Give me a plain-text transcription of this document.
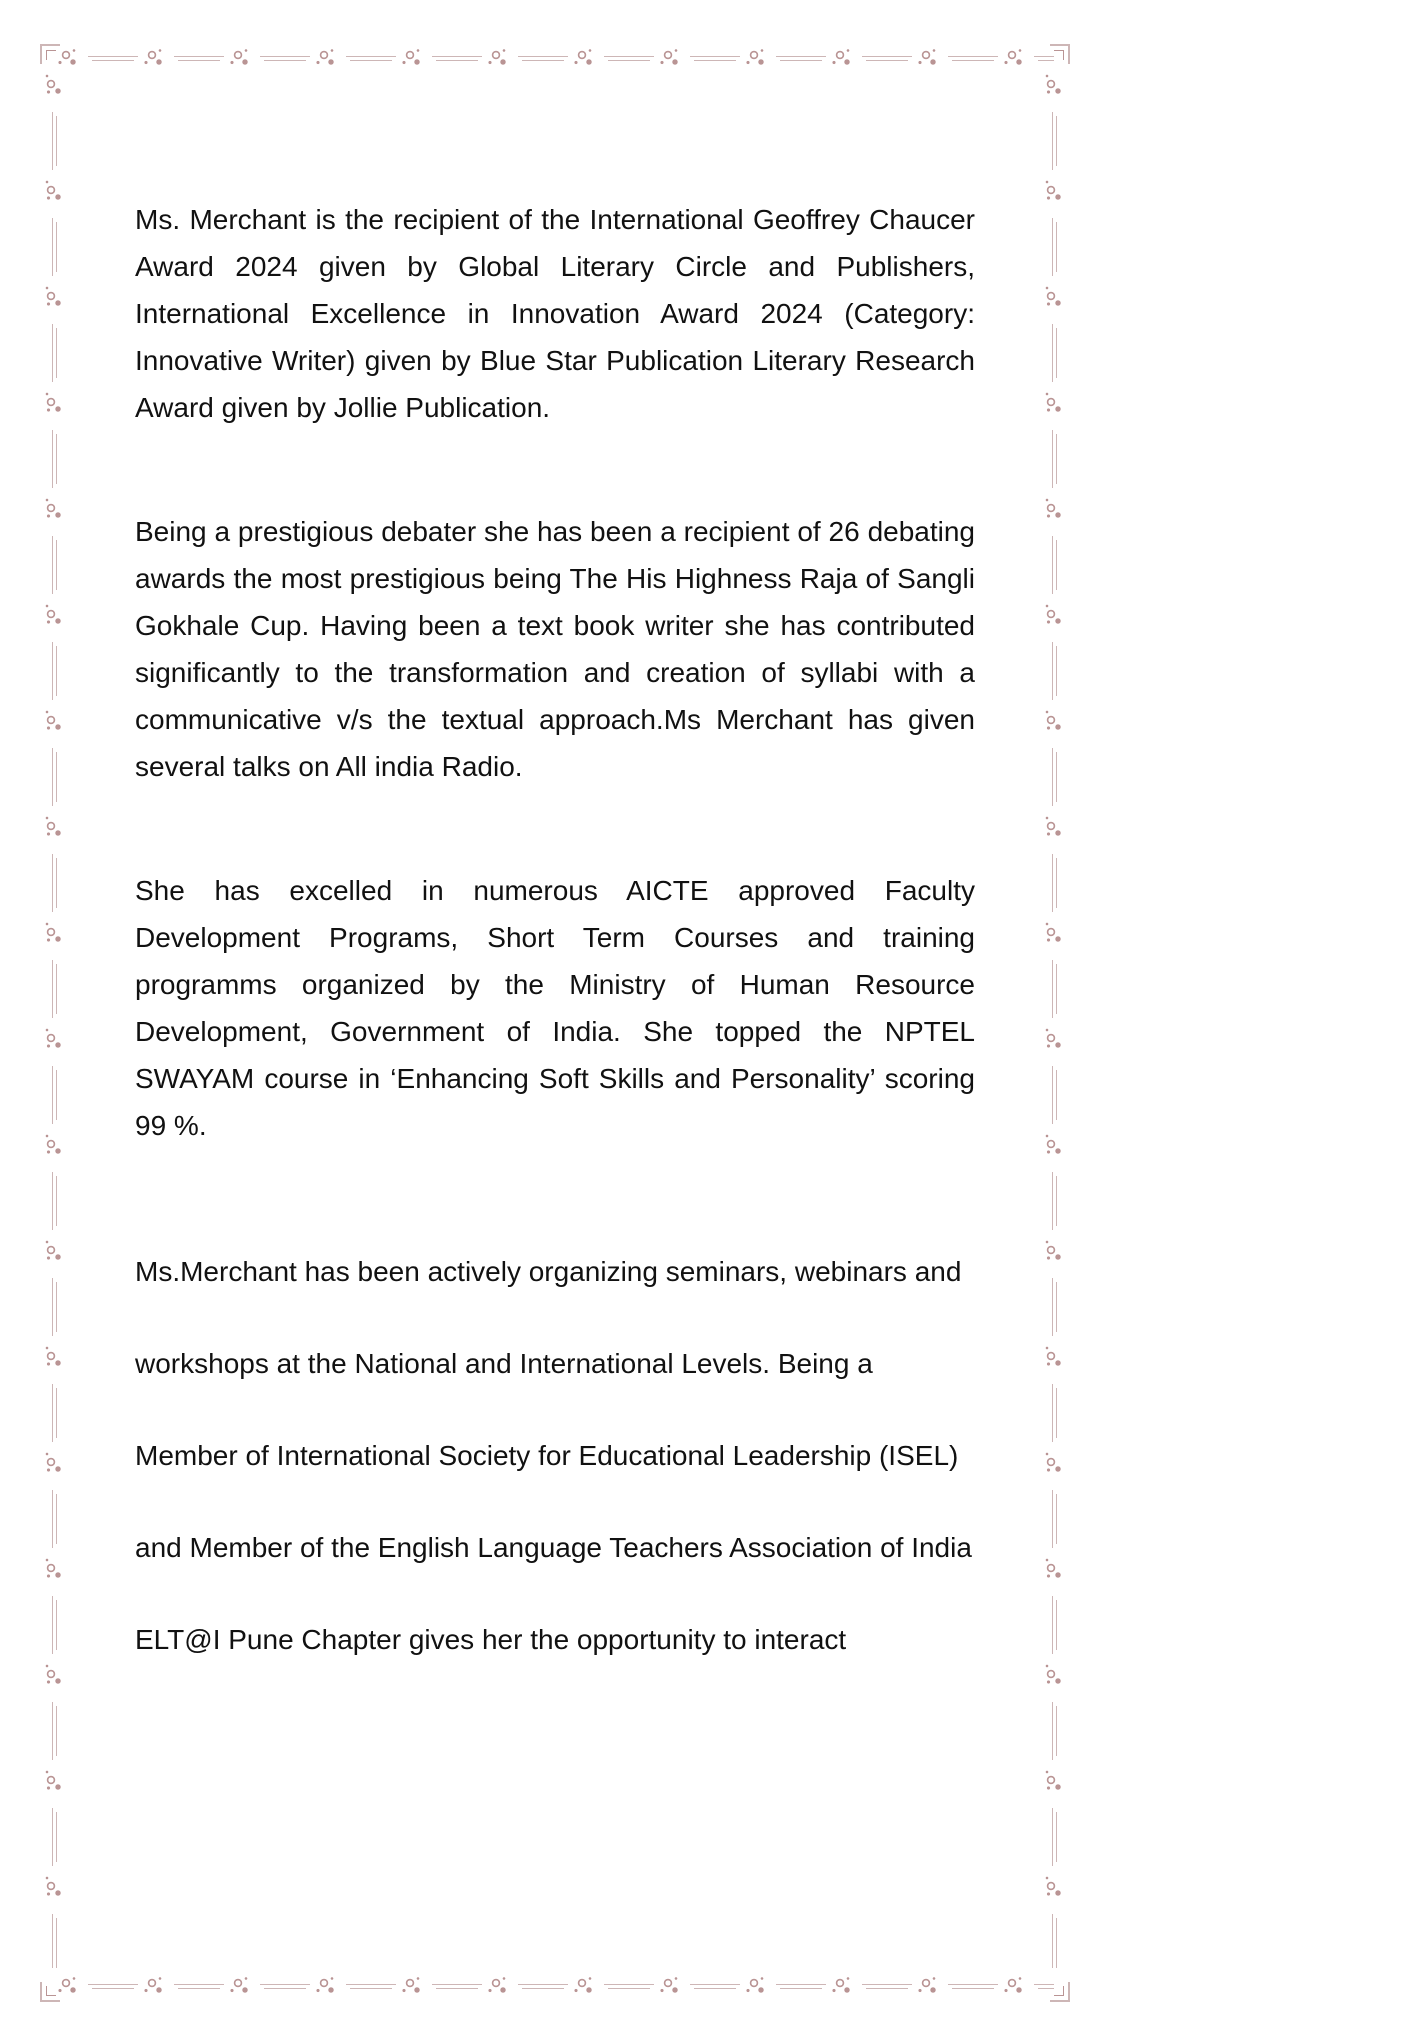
Ms. Merchant is the recipient of the International Geoffrey Chaucer Award 2024 given by Global Literary Circle and Publishers, International Excellence in Innovation Award 2024 (Category: Innovative Writer) given by Blue Star Publication Literary Research Award given by Jollie Publication.

Being a prestigious debater she has been a recipient of 26 debating awards the most prestigious being The His Highness Raja of Sangli Gokhale Cup. Having been a text book writer she has contributed significantly to the transformation and creation of syllabi with a communicative v/s the textual approach.Ms Merchant has given several talks on All india Radio.

She has excelled in numerous AICTE approved Faculty Development Programs, Short Term Courses and training programms organized by the Ministry of Human Resource Development, Government of India. She topped the NPTEL SWAYAM course in ‘Enhancing Soft Skills and Personality’ scoring 99 %.

Ms.Merchant has been actively organizing seminars, webinars and workshops at the National and International Levels. Being a Member of International Society for Educational Leadership (ISEL) and Member of the English Language Teachers Association of India ELT@I Pune Chapter gives her the opportunity to interact
